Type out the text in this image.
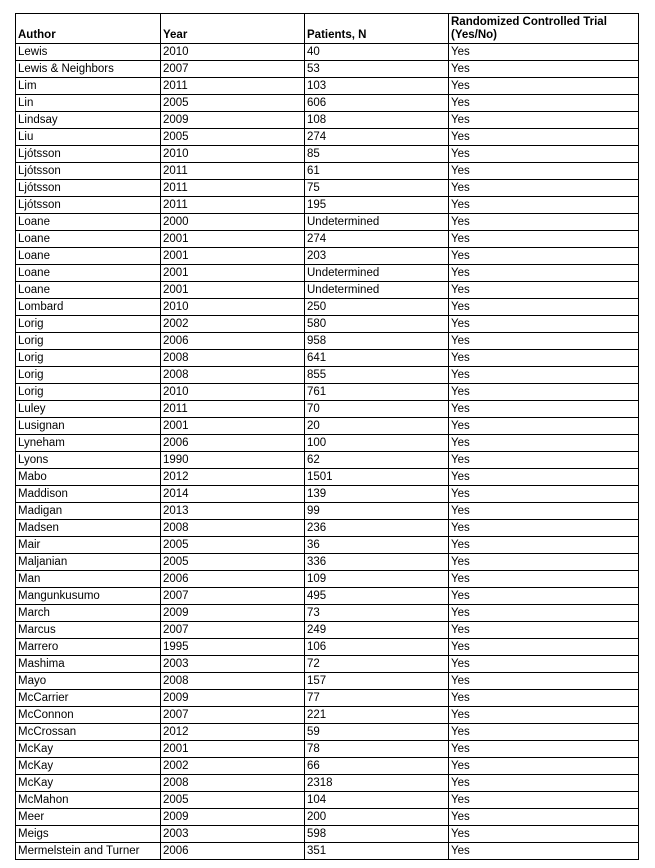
Author	Year	Patients, N	Randomized Controlled Trial (Yes/No)
Lewis	2010	40	Yes
Lewis & Neighbors	2007	53	Yes
Lim	2011	103	Yes
Lin	2005	606	Yes
Lindsay	2009	108	Yes
Liu	2005	274	Yes
Ljótsson	2010	85	Yes
Ljótsson	2011	61	Yes
Ljótsson	2011	75	Yes
Ljótsson	2011	195	Yes
Loane	2000	Undetermined	Yes
Loane	2001	274	Yes
Loane	2001	203	Yes
Loane	2001	Undetermined	Yes
Loane	2001	Undetermined	Yes
Lombard	2010	250	Yes
Lorig	2002	580	Yes
Lorig	2006	958	Yes
Lorig	2008	641	Yes
Lorig	2008	855	Yes
Lorig	2010	761	Yes
Luley	2011	70	Yes
Lusignan	2001	20	Yes
Lyneham	2006	100	Yes
Lyons	1990	62	Yes
Mabo	2012	1501	Yes
Maddison	2014	139	Yes
Madigan	2013	99	Yes
Madsen	2008	236	Yes
Mair	2005	36	Yes
Maljanian	2005	336	Yes
Man	2006	109	Yes
Mangunkusumo	2007	495	Yes
March	2009	73	Yes
Marcus	2007	249	Yes
Marrero	1995	106	Yes
Mashima	2003	72	Yes
Mayo	2008	157	Yes
McCarrier	2009	77	Yes
McConnon	2007	221	Yes
McCrossan	2012	59	Yes
McKay	2001	78	Yes
McKay	2002	66	Yes
McKay	2008	2318	Yes
McMahon	2005	104	Yes
Meer	2009	200	Yes
Meigs	2003	598	Yes
Mermelstein and Turner	2006	351	Yes
